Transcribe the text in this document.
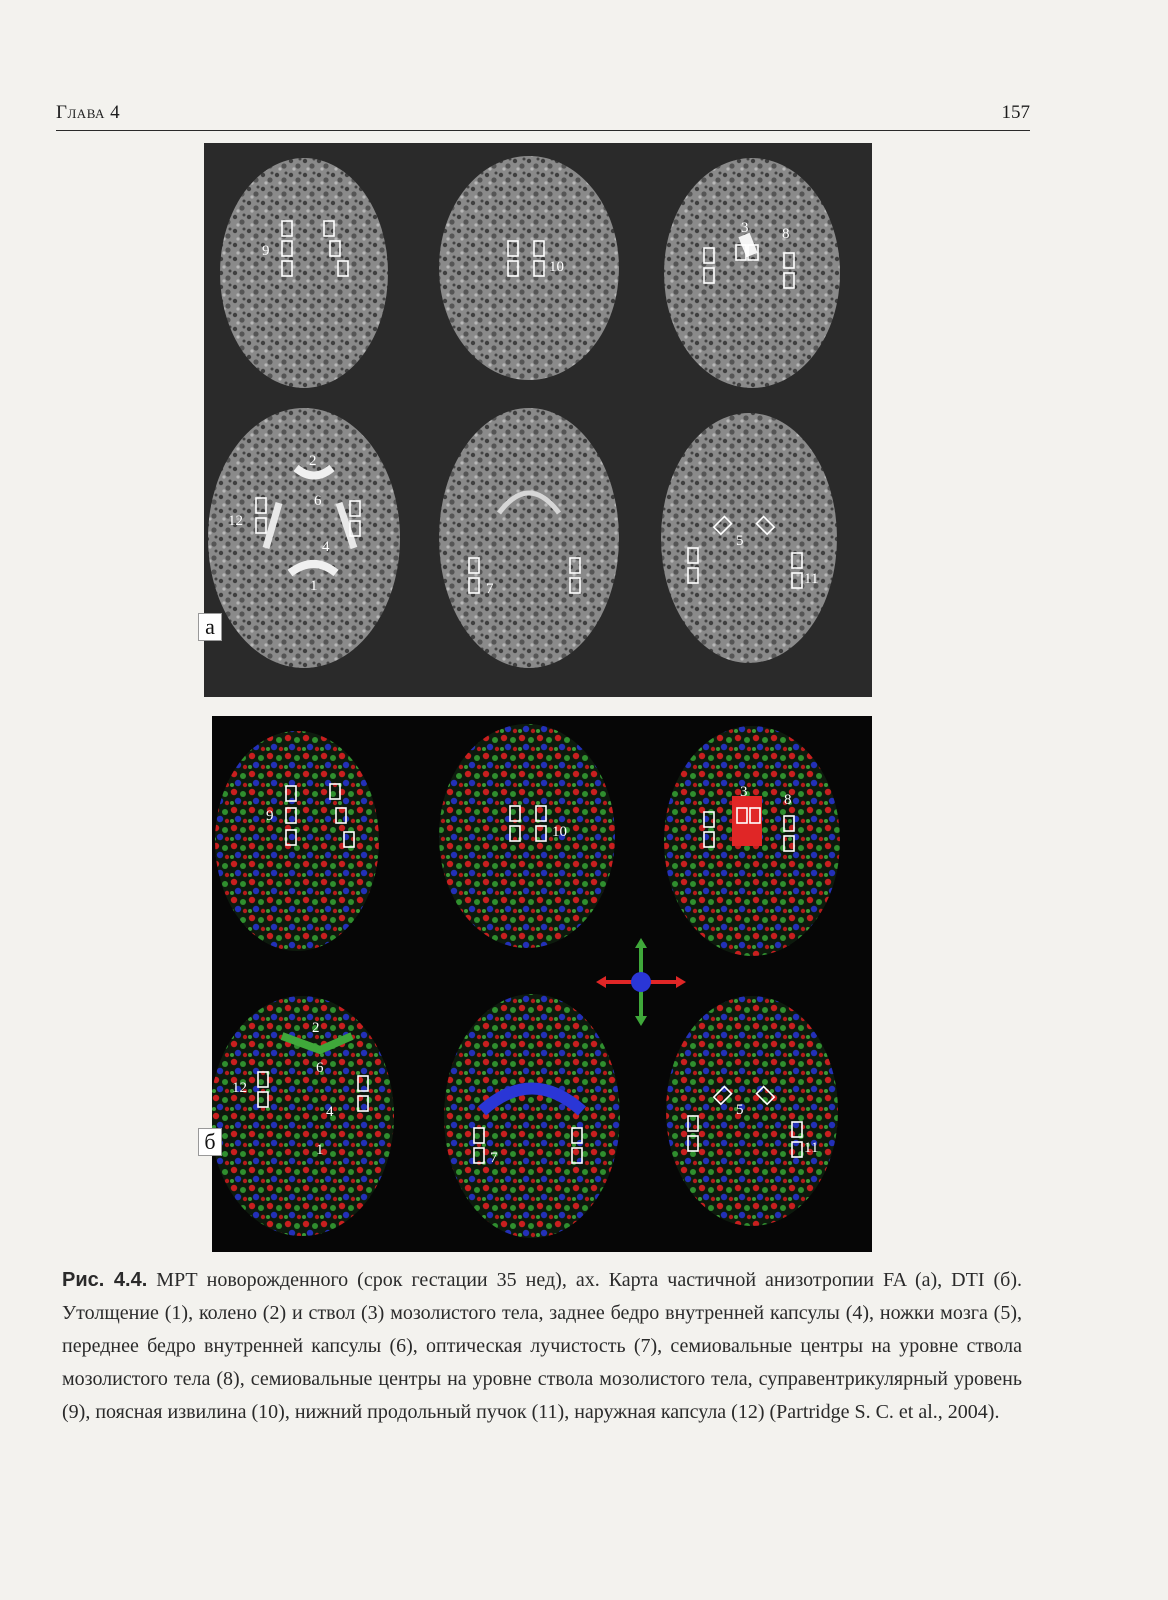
Глава 4	157
9
10
3 8
2
6
4
1
12
7
5
11
а
9
10
3 8
2
6
4
1
12
7
5
11
б
Рис. 4.4. МРТ новорожденного (срок гестации 35 нед), ах. Карта частичной анизотропии FA (а), DTI (б). Утолщение (1), колено (2) и ствол (3) мозолистого тела, заднее бедро внутренней капсулы (4), ножки мозга (5), переднее бедро внутренней капсулы (6), оптическая лучистость (7), семиовальные центры на уровне ствола мозолистого тела (8), семиовальные центры на уровне ствола мозолистого тела, суправентрикулярный уровень (9), поясная извилина (10), нижний продольный пучок (11), наружная капсула (12) (Partridge S. C. et al., 2004).
